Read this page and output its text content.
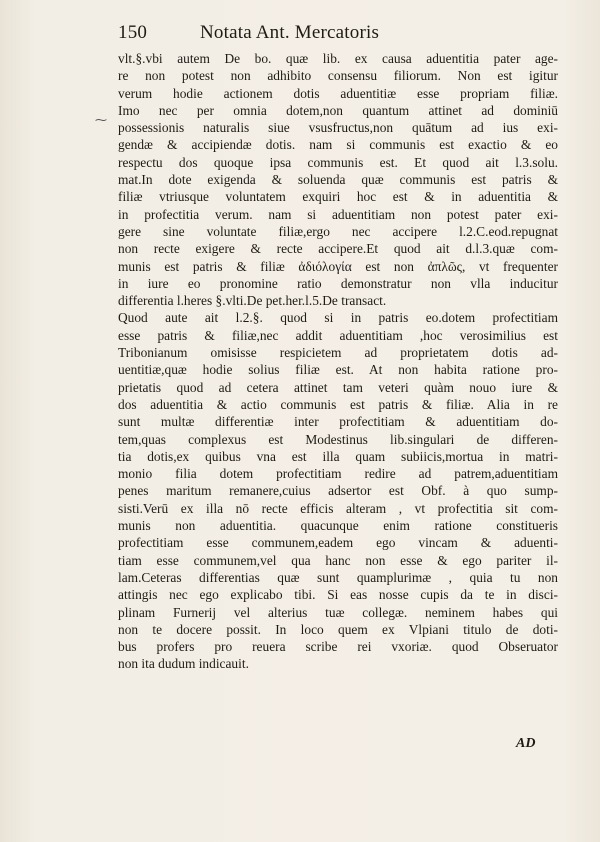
150	Notata Ant. Mercatoris
⁓
vlt.§.vbi autem De bo. quæ lib. ex causa aduentitia pater age-
re non potest non adhibito consensu filiorum. Non est igitur
verum hodie actionem dotis aduentitiæ esse propriam filiæ.
Imo nec per omnia dotem,non quantum attinet ad dominiū
possessionis naturalis siue vsusfructus,non quātum ad ius exi-
gendæ & accipiendæ dotis. nam si communis est exactio & eo
respectu dos quoque ipsa communis est. Et quod ait l.3.solu.
mat.In dote exigenda & soluenda quæ communis est patris &
filiæ vtriusque voluntatem exquiri hoc est & in aduentitia &
in profectitia verum. nam si aduentitiam non potest pater exi-
gere sine voluntate filiæ,ergo nec accipere l.2.C.eod.repugnat
non recte exigere & recte accipere.Et quod ait d.l.3.quæ com-
munis est patris & filiæ ἀδιόλογία est non ἀπλῶς, vt frequenter
in iure eo pronomine ratio demonstratur non vlla inducitur
differentia l.heres §.vlti.De pet.her.l.5.De transact.
Quod aute ait l.2.§. quod si in patris eo.dotem profectitiam
esse patris & filiæ,nec addit aduentitiam ,hoc verosimilius est
Tribonianum omisisse respicietem ad proprietatem dotis ad-
uentitiæ,quæ hodie solius filiæ est. At non habita ratione pro-
prietatis quod ad cetera attinet tam veteri quàm nouo iure &
dos aduentitia & actio communis est patris & filiæ. Alia in re
sunt multæ differentiæ inter profectitiam & aduentitiam do-
tem,quas complexus est Modestinus lib.singulari de differen-
tia dotis,ex quibus vna est illa quam subiicis,mortua in matri-
monio filia dotem profectitiam redire ad patrem,aduentitiam
penes maritum remanere,cuius adsertor est Obf. à quo sump-
sisti.Verū ex illa nō recte efficis alteram , vt profectitia sit com-
munis non aduentitia. quacunque enim ratione constitueris
profectitiam esse communem,eadem ego vincam & aduenti-
tiam esse communem,vel qua hanc non esse & ego pariter il-
lam.Ceteras differentias quæ sunt quamplurimæ , quia tu non
attingis nec ego explicabo tibi. Si eas nosse cupis da te in disci-
plinam Furnerij vel alterius tuæ collegæ. neminem habes qui
non te docere possit. In loco quem ex Vlpiani titulo de doti-
bus profers pro reuera scribe rei vxoriæ. quod Obseruator
non ita dudum indicauit.
AD
